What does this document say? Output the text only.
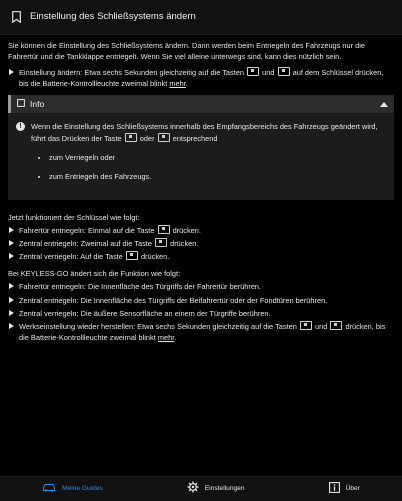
Einstellung des Schließsystems ändern

Sie können die Einstellung des Schließsystems ändern. Dann werden beim Entriegeln des Fahrzeugs nur die Fahrertür und die Tankklappe entriegelt. Wenn Sie viel alleine unterwegs sind, kann dies nützlich sein.

Einstellung ändern: Etwa sechs Sekunden gleichzeitig auf die Tasten und auf dem Schlüssel drücken, bis die Batterie-Kontrollleuchte zweimal blinkt mehr.
Info
!	Wenn die Einstellung des Schließsystems innerhalb des Empfangsbereichs des Fahrzeugs geändert wird, führt das Drücken der Taste oder entsprechend
• zum Verriegeln oder
• zum Entriegeln des Fahrzeugs.

Jetzt funktioniert der Schlüssel wie folgt:

Fahrertür entriegeln: Einmal auf die Taste drücken.
Zentral entriegeln: Zweimal auf die Taste drücken.
Zentral verriegeln: Auf die Taste drücken.

Bei KEYLESS-GO ändert sich die Funktion wie folgt:

Fahrertür entriegeln: Die Innenfläche des Türgriffs der Fahrertür berühren.
Zentral entriegeln: Die Innenfläche des Türgriffs der Beifahrertür oder der Fondtüren berühren.
Zentral verriegeln: Die äußere Sensorfläche an einem der Türgriffe berühren.
Werkseinstellung wieder herstellen: Etwa sechs Sekunden gleichzeitig auf die Tasten und drücken, bis die Batterie-Kontrollleuchte zweimal blinkt mehr.
Meine Guides	Einstellungen	Über
